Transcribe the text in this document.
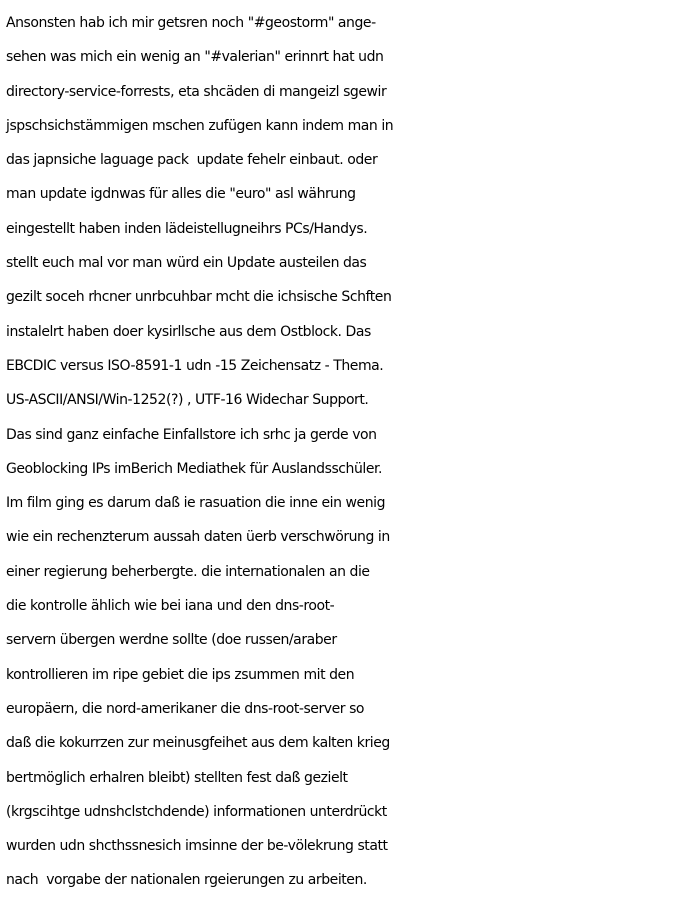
Ansonsten hab ich mir getsren noch "#geostorm" ange-
sehen was mich ein wenig an "#valerian" erinnrt hat udn
directory-service-forrests, eta shcäden di mangeizl sgewir
jspschsichstämmigen mschen zufügen kann indem man in
das japnsiche laguage pack  update fehelr einbaut. oder
man update igdnwas für alles die "euro" asl währung
eingestellt haben inden lädeistellugneihrs PCs/Handys.
stellt euch mal vor man würd ein Update austeilen das
gezilt soceh rhcner unrbcuhbar mcht die ichsische Schften
instalelrt haben doer kysirllsche aus dem Ostblock. Das
EBCDIC versus ISO-8591-1 udn -15 Zeichensatz - Thema.
US-ASCII/ANSI/Win-1252(?) , UTF-16 Widechar Support.
Das sind ganz einfache Einfallstore ich srhc ja gerde von
Geoblocking IPs imBerich Mediathek für Auslandsschüler.
Im film ging es darum daß ie rasuation die inne ein wenig
wie ein rechenzterum aussah daten üerb verschwörung in
einer regierung beherbergte. die internationalen an die
die kontrolle ählich wie bei iana und den dns-root-
servern übergen werdne sollte (doe russen/araber
kontrollieren im ripe gebiet die ips zsummen mit den
europäern, die nord-amerikaner die dns-root-server so
daß die kokurrzen zur meinusgfeihet aus dem kalten krieg
bertmöglich erhalren bleibt) stellten fest daß gezielt
(krgscihtge udnshclstchdende) informationen unterdrückt
wurden udn shcthssnesich imsinne der be-völekrung statt
nach  vorgabe der nationalen rgeierungen zu arbeiten.
